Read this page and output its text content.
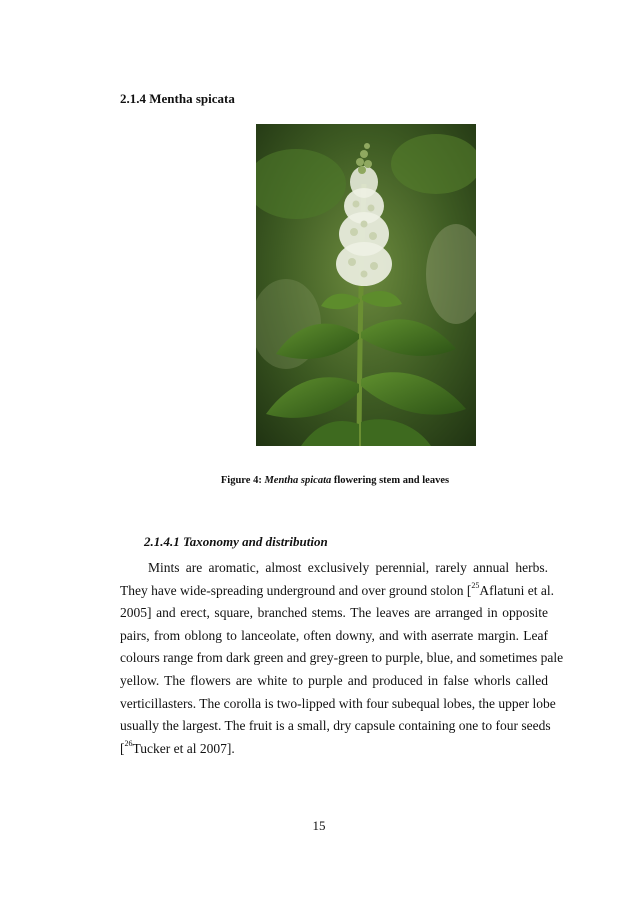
2.1.4 Mentha spicata
Figure 4: Mentha spicata flowering stem and leaves
2.1.4.1 Taxonomy and distribution
Mints are aromatic, almost exclusively perennial, rarely annual herbs.
They have wide-spreading underground and over ground stolon [$^{25}$Aflatuni et al.
2005] and erect, square, branched stems. The leaves are arranged in opposite
pairs, from oblong to lanceolate, often downy, and with aserrate margin. Leaf
colours range from dark green and grey-green to purple, blue, and sometimes pale
yellow. The flowers are white to purple and produced in false whorls called
verticillasters. The corolla is two-lipped with four subequal lobes, the upper lobe
usually the largest. The fruit is a small, dry capsule containing one to four seeds
[$^{26}$Tucker et al 2007].
15
